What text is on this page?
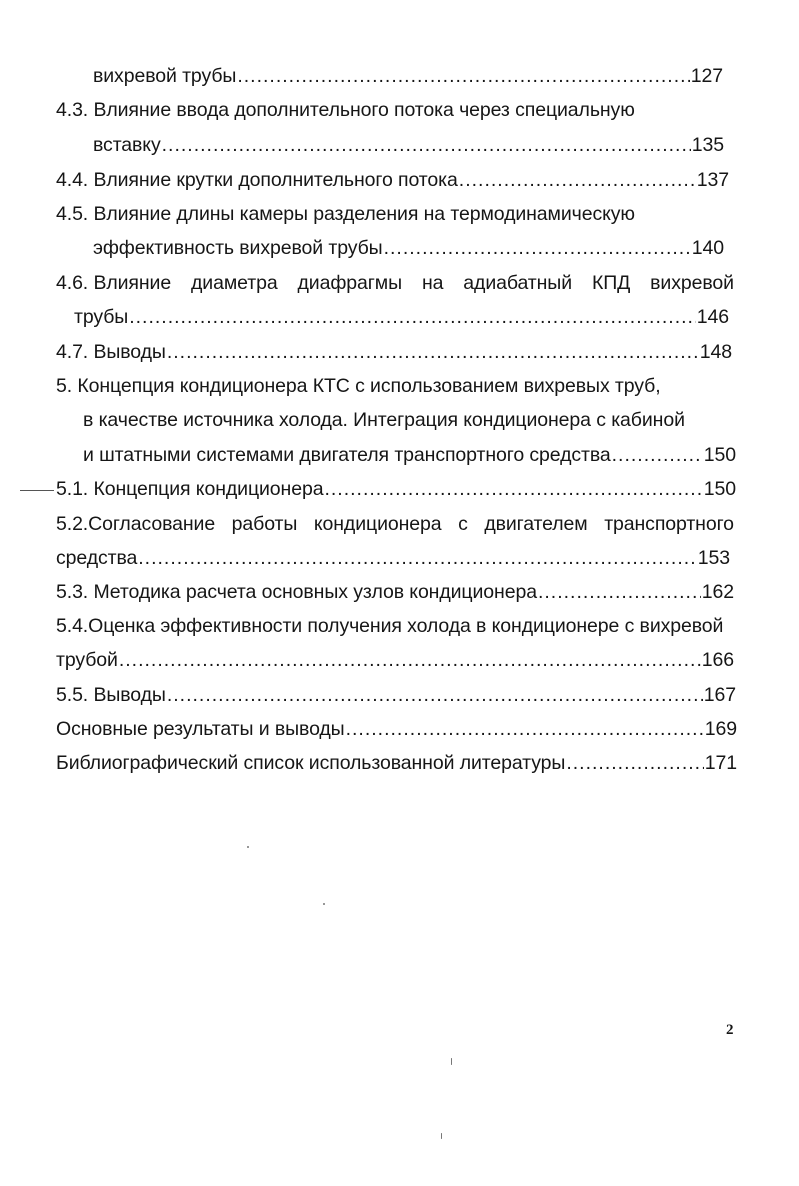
вихревой трубы .....	127
4.3. Влияние ввода дополнительного потока через специальную
вставку .....	135
4.4. Влияние крутки дополнительного потока .....	137
4.5. Влияние длины камеры разделения на термодинамическую
эффективность вихревой трубы .....	140
4.6. Влияние диаметра диафрагмы на адиабатный КПД вихревой
трубы .....	146
4.7. Выводы .....	148
5. Концепция кондиционера КТС с использованием вихревых труб,
в качестве источника холода. Интеграция кондиционера с кабиной
и штатными системами двигателя транспортного средства .....	150
5.1. Концепция кондиционера .....	150
5.2.Согласование работы кондиционера с двигателем транспортного
средства .....	153
5.3. Методика расчета основных узлов кондиционера .....	162
5.4.Оценка эффективности получения холода в кондиционере с вихревой
трубой .....	166
5.5. Выводы .....	167
Основные результаты и выводы .....	169
Библиографический список использованной литературы .....	171
2
